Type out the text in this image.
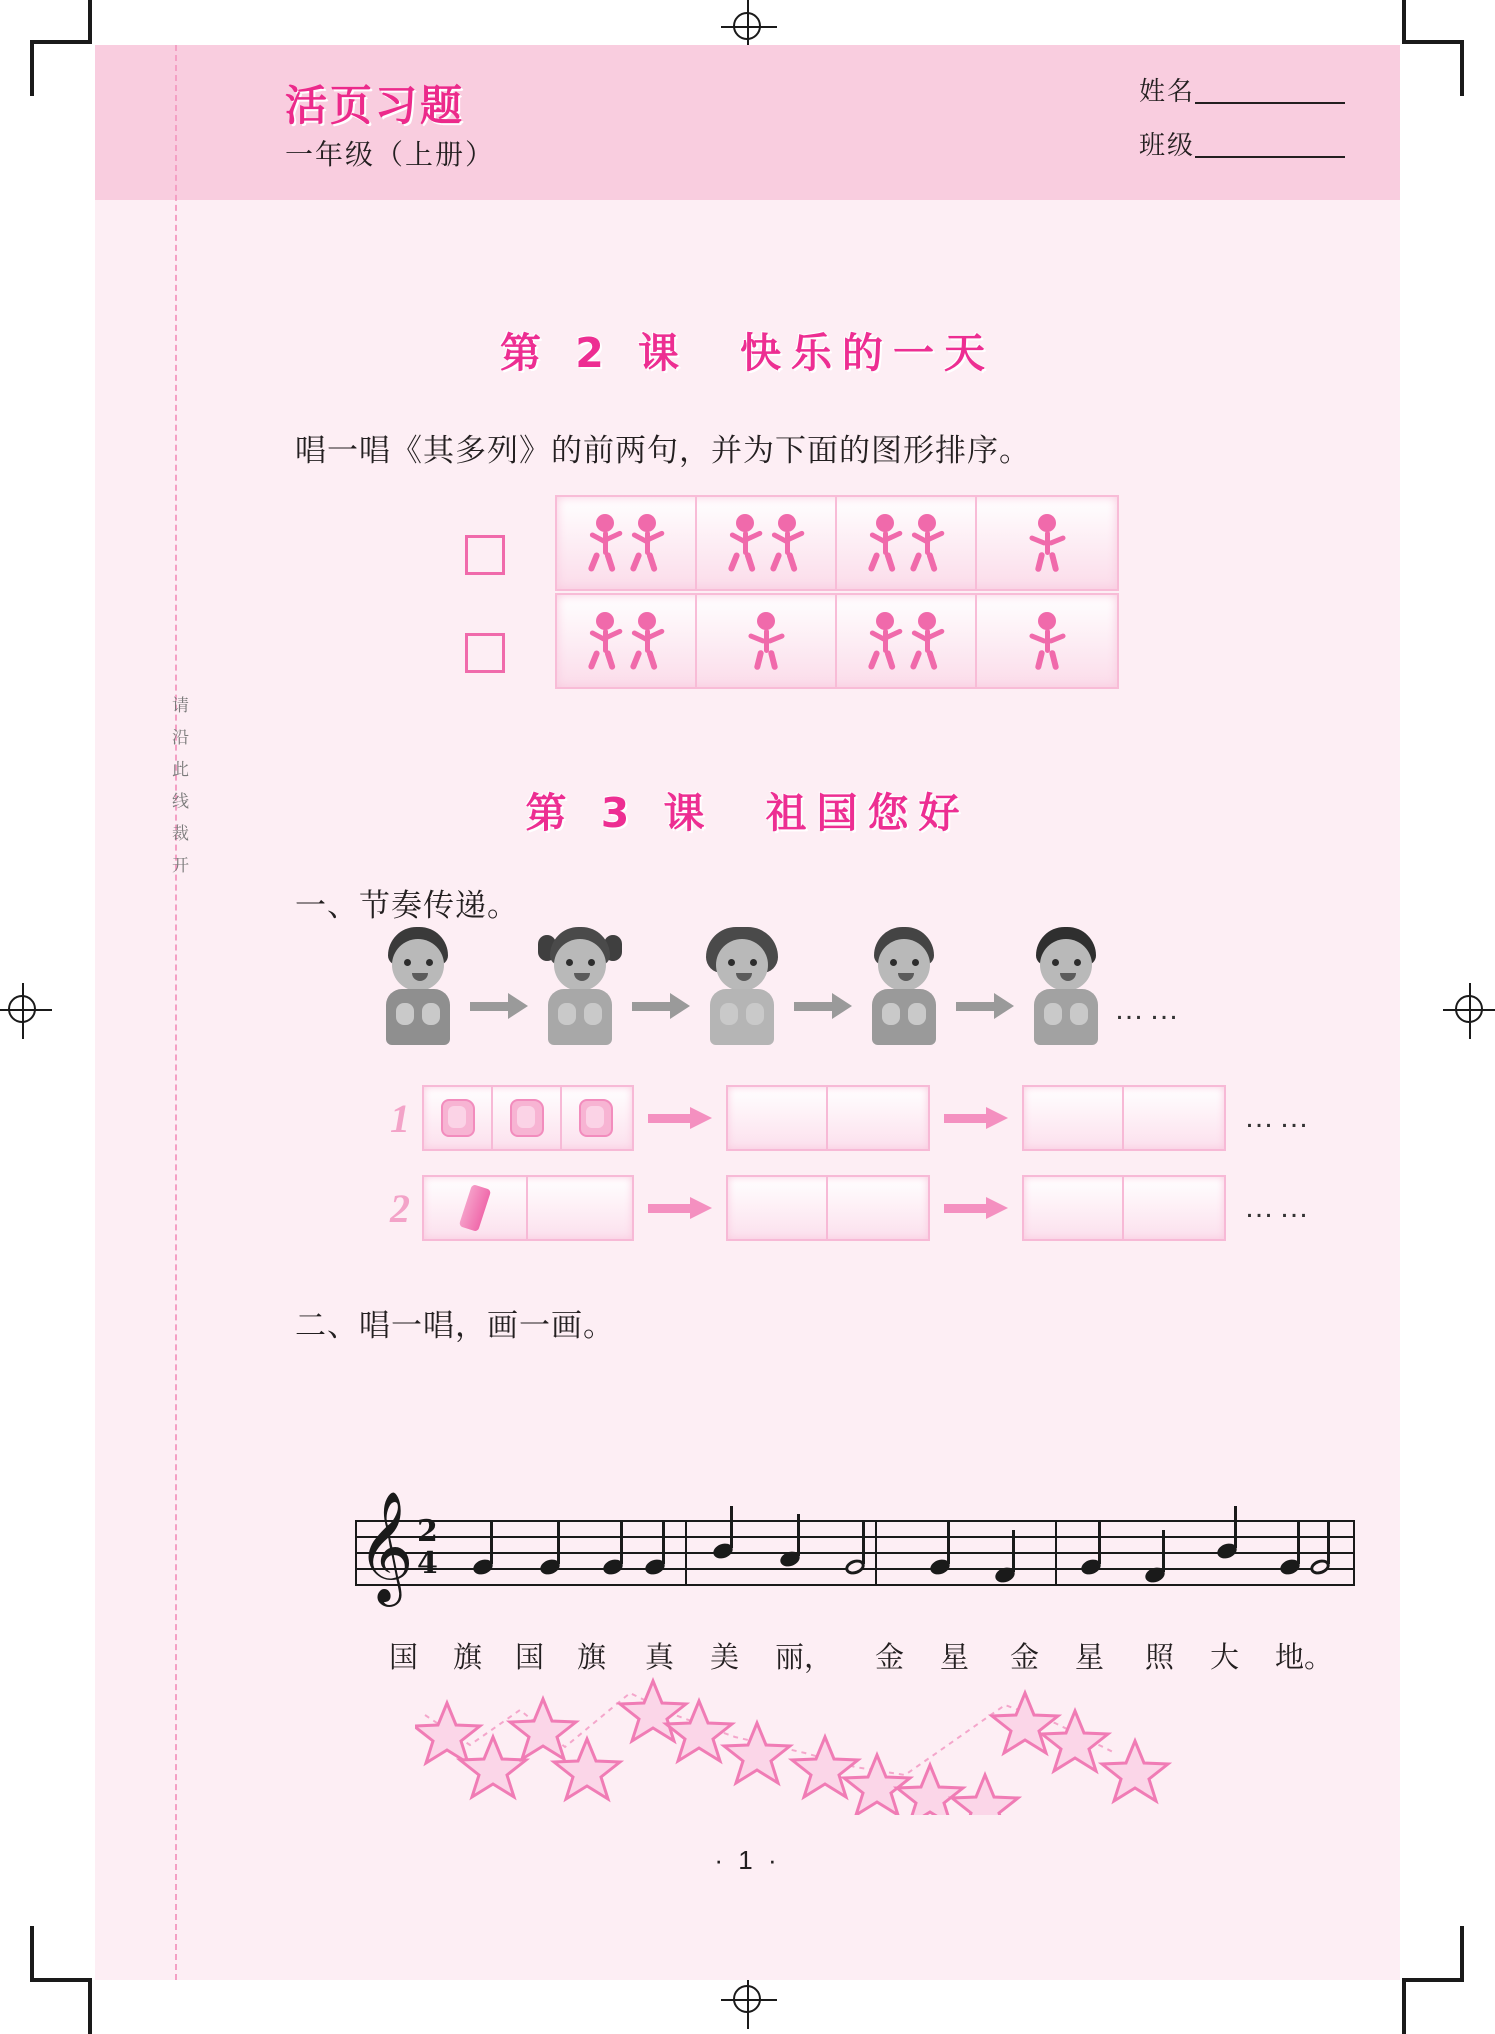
活页习题
一年级（上册）
姓名
班级
第 2 课　快乐的一天
唱一唱《其多列》的前两句，并为下面的图形排序。
第 3 课　祖国您好
一、节奏传递。
……
1	……
2	……
二、唱一唱，画一画。
𝄞 2
4
国 旗 国 旗 真 美 丽， 金 星 金 星 照 大 地。
· 1 ·
请
沿
此
线
裁
开
